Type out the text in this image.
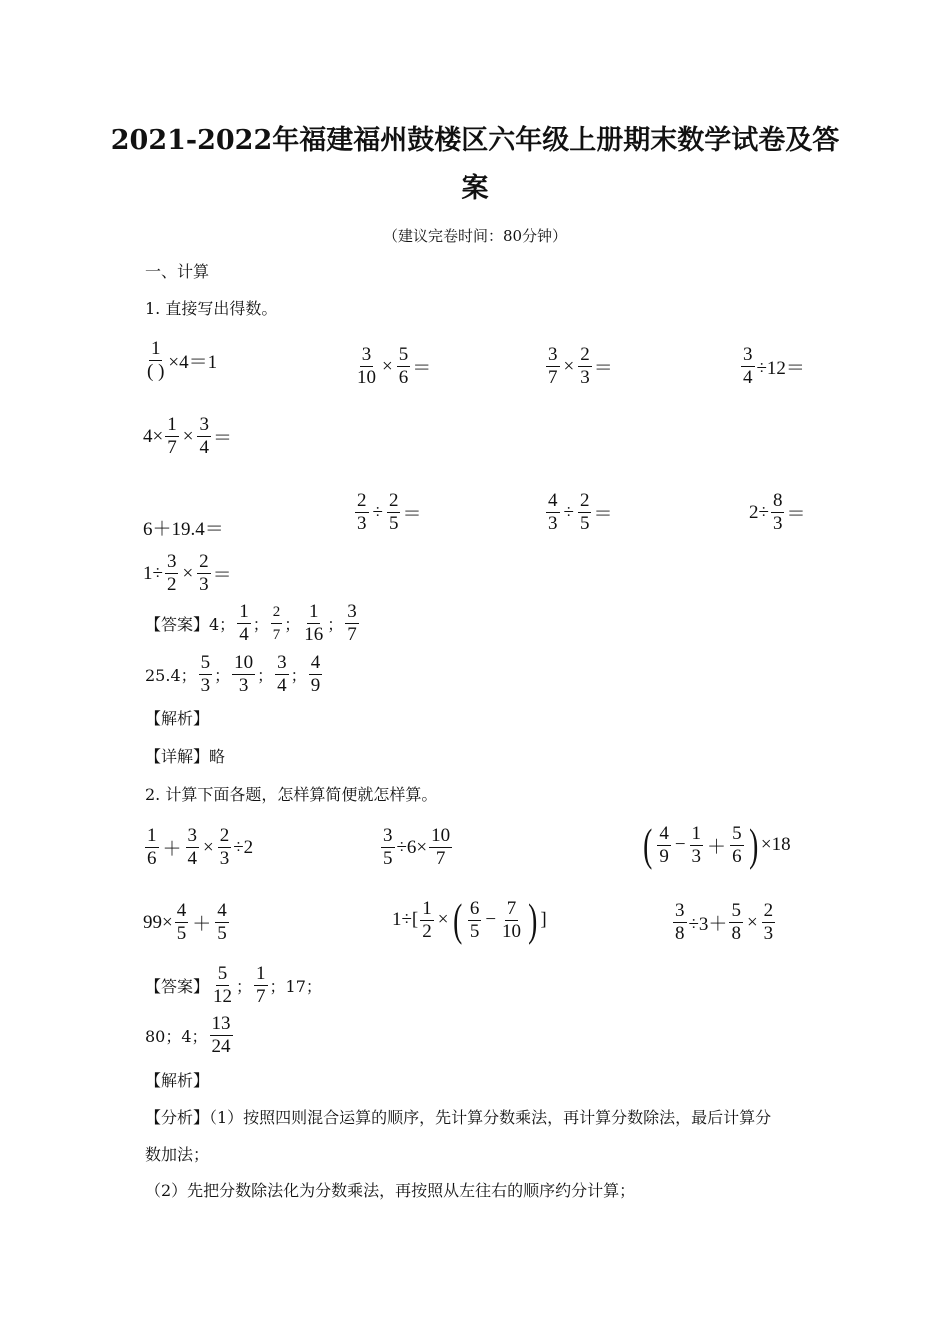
2021-2022年福建福州鼓楼区六年级上册期末数学试卷及答
案
（建议完卷时间：80分钟）
一、计算
1. 直接写出得数。
$\frac{1}{( )} \times 4=1$	$\frac{3}{10} \times \frac{5}{6}$ ＝	$\frac{3}{7} \times \frac{2}{3}$ ＝	$\frac{3}{4} \div 12=$
$4\times \frac{1}{7} \times \frac{3}{4}$ ＝
6＋19.4＝	$\frac{2}{3} \div \frac{2}{5}$ ＝	$\frac{4}{3} \div \frac{2}{5}$ ＝	$2\div \frac{8}{3}$ ＝
$1\div \frac{3}{2} \times \frac{2}{3}$ ＝
【答案】4； $\frac{1}{4}$ ； $\frac{2}{7}$ ； $\frac{1}{16}$ ； $\frac{3}{7}$
25.4； $\frac{5}{3}$ ； $\frac{10}{3}$ ； $\frac{3}{4}$ ； $\frac{4}{9}$
【解析】
【详解】略
2. 计算下面各题，怎样算简便就怎样算。
$\frac{1}{6} + \frac{3}{4} \times \frac{2}{3} \div 2$	$\frac{3}{5} \div 6\times \frac{10}{7}$	( $\frac{4}{9} - \frac{1}{3} + \frac{5}{6}$ ) ×18
$99\times \frac{4}{5} + \frac{4}{5}$	$1\div[ \frac{1}{2}$ × ( $\frac{6}{5} - \frac{7}{10}$ ) ]	$\frac{3}{8} \div 3+ \frac{5}{8} \times \frac{2}{3}$
【答案】 $\frac{5}{12}$ ； $\frac{1}{7}$ ；17；
80；4； $\frac{13}{24}$
【解析】
【分析】（1）按照四则混合运算的顺序，先计算分数乘法，再计算分数除法，最后计算分
数加法；
（2）先把分数除法化为分数乘法，再按照从左往右的顺序约分计算；
